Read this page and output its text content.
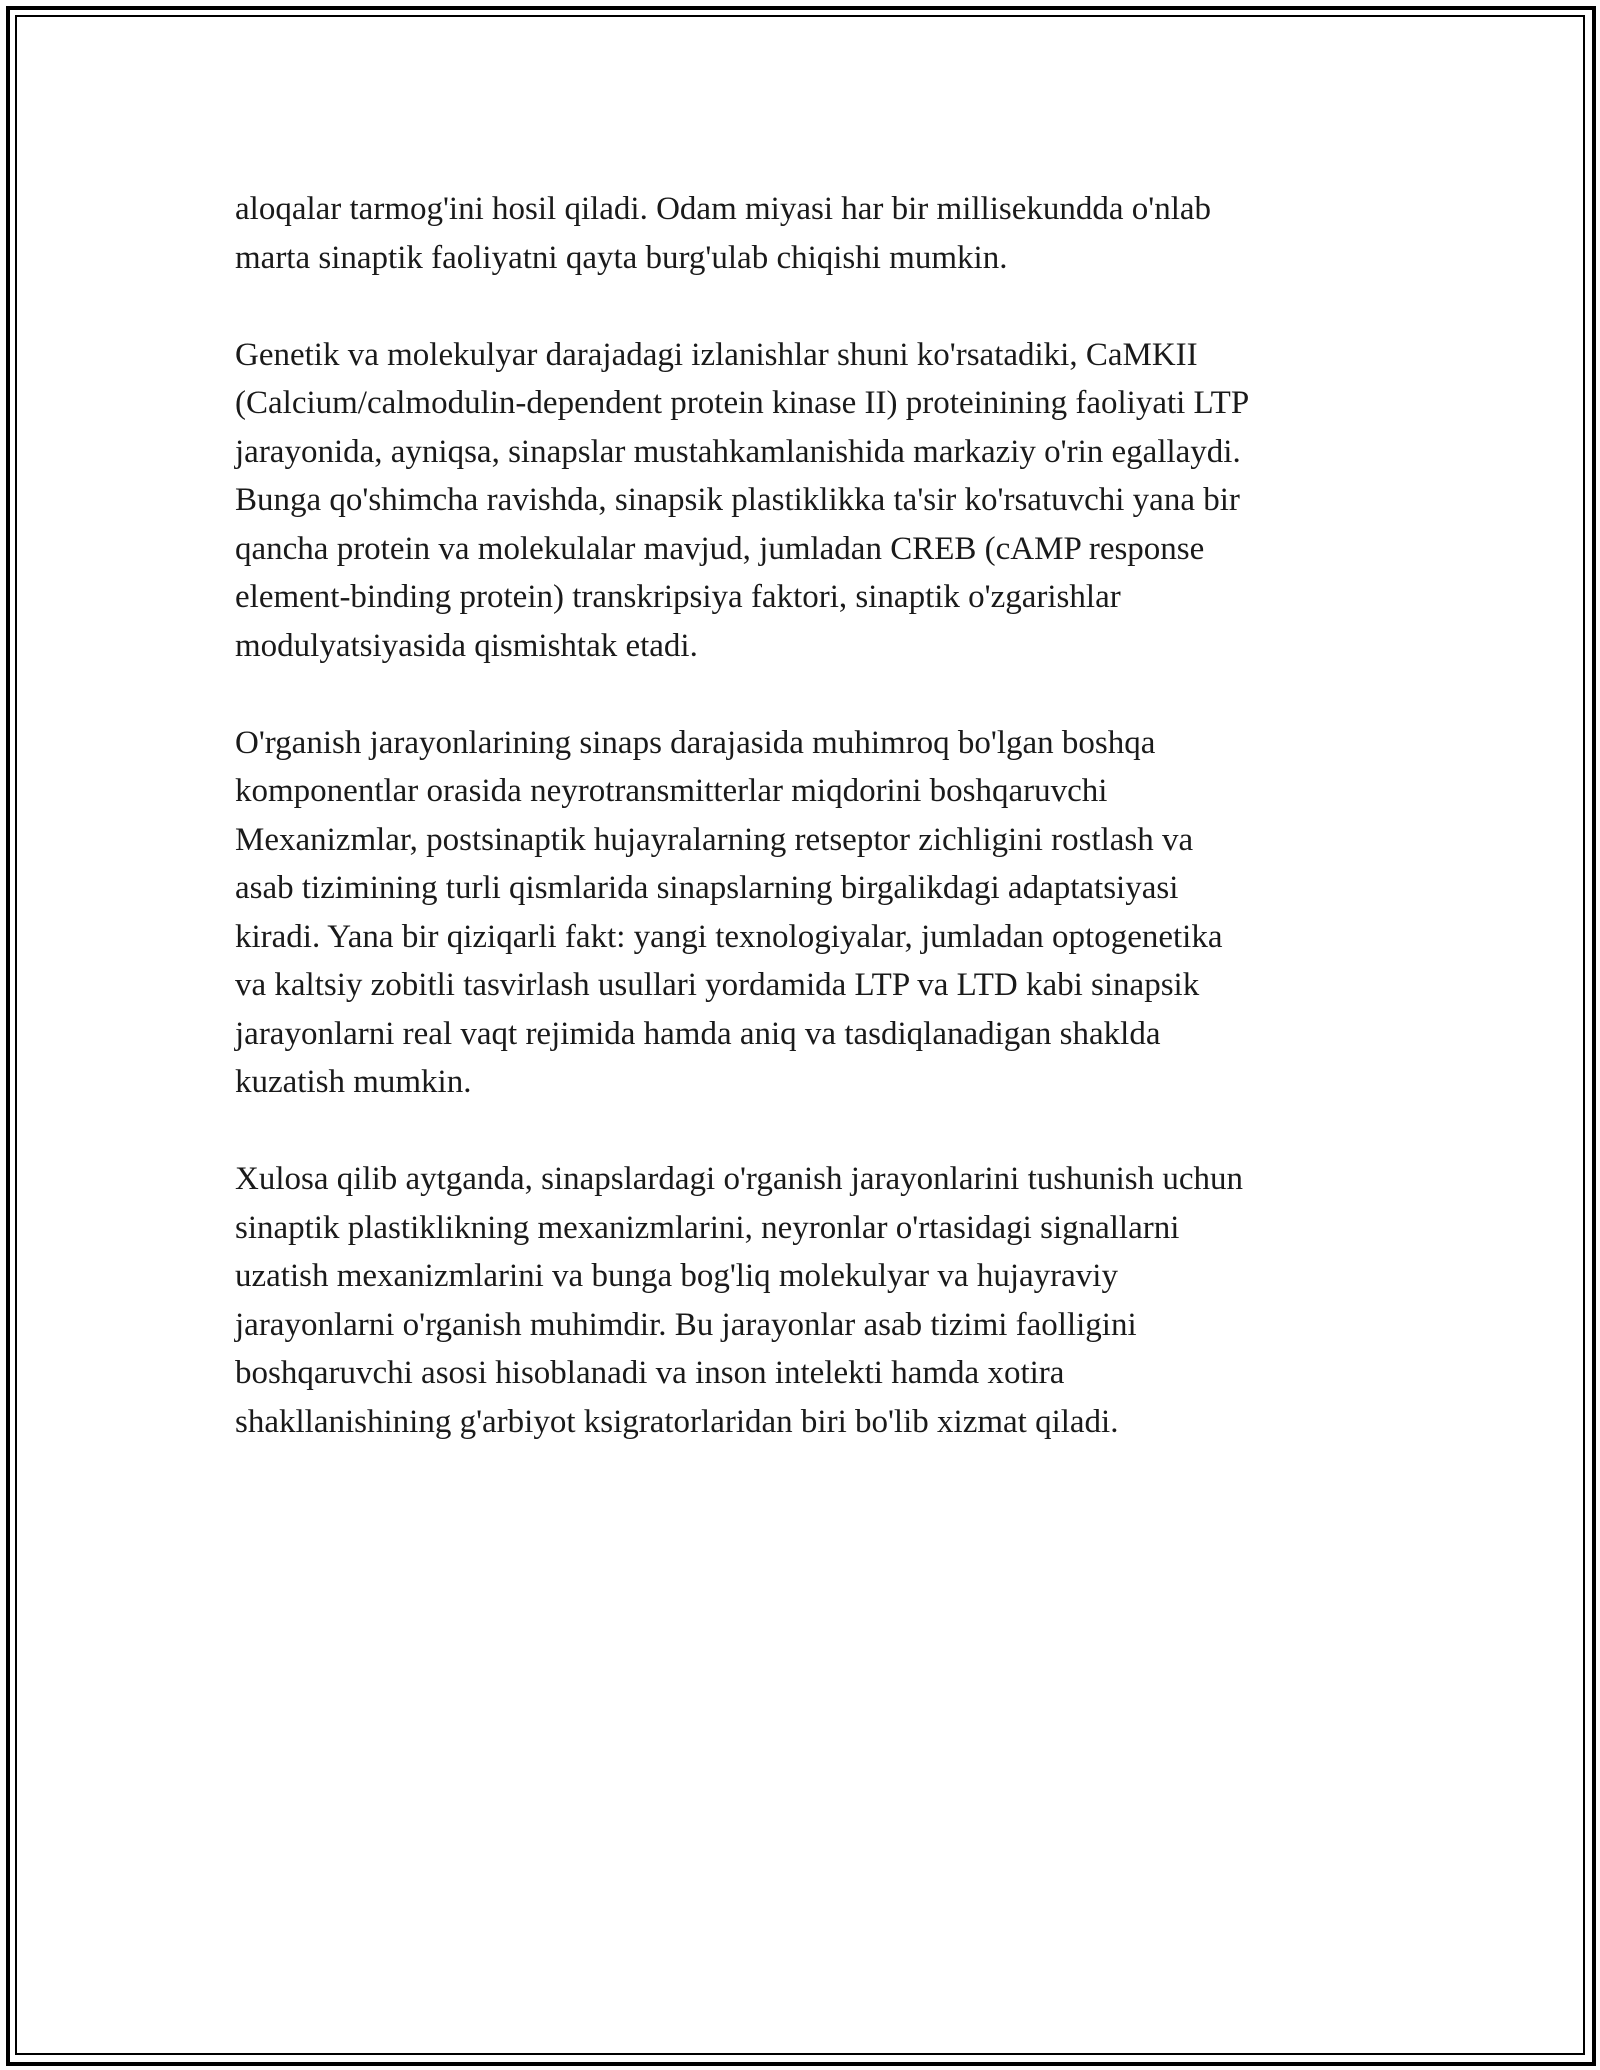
aloqalar tarmog'ini hosil qiladi. Odam miyasi har bir millisekundda o'nlab
marta sinaptik faoliyatni qayta burg'ulab chiqishi mumkin.

Genetik va molekulyar darajadagi izlanishlar shuni ko'rsatadiki, CaMKII
(Calcium/calmodulin-dependent protein kinase II) proteinining faoliyati LTP
jarayonida, ayniqsa, sinapslar mustahkamlanishida markaziy o'rin egallaydi.
Bunga qo'shimcha ravishda, sinapsik plastiklikka ta'sir ko'rsatuvchi yana bir
qancha protein va molekulalar mavjud, jumladan CREB (cAMP response
element-binding protein) transkripsiya faktori, sinaptik o'zgarishlar
modulyatsiyasida qismishtak etadi.

O'rganish jarayonlarining sinaps darajasida muhimroq bo'lgan boshqa
komponentlar orasida neyrotransmitterlar miqdorini boshqaruvchi
Mexanizmlar, postsinaptik hujayralarning retseptor zichligini rostlash va
asab tizimining turli qismlarida sinapslarning birgalikdagi adaptatsiyasi
kiradi. Yana bir qiziqarli fakt: yangi texnologiyalar, jumladan optogenetika
va kaltsiy zobitli tasvirlash usullari yordamida LTP va LTD kabi sinapsik
jarayonlarni real vaqt rejimida hamda aniq va tasdiqlanadigan shaklda
kuzatish mumkin.

Xulosa qilib aytganda, sinapslardagi o'rganish jarayonlarini tushunish uchun
sinaptik plastiklikning mexanizmlarini, neyronlar o'rtasidagi signallarni
uzatish mexanizmlarini va bunga bog'liq molekulyar va hujayraviy
jarayonlarni o'rganish muhimdir. Bu jarayonlar asab tizimi faolligini
boshqaruvchi asosi hisoblanadi va inson intelekti hamda xotira
shakllanishining g'arbiyot ksigratorlaridan biri bo'lib xizmat qiladi.
